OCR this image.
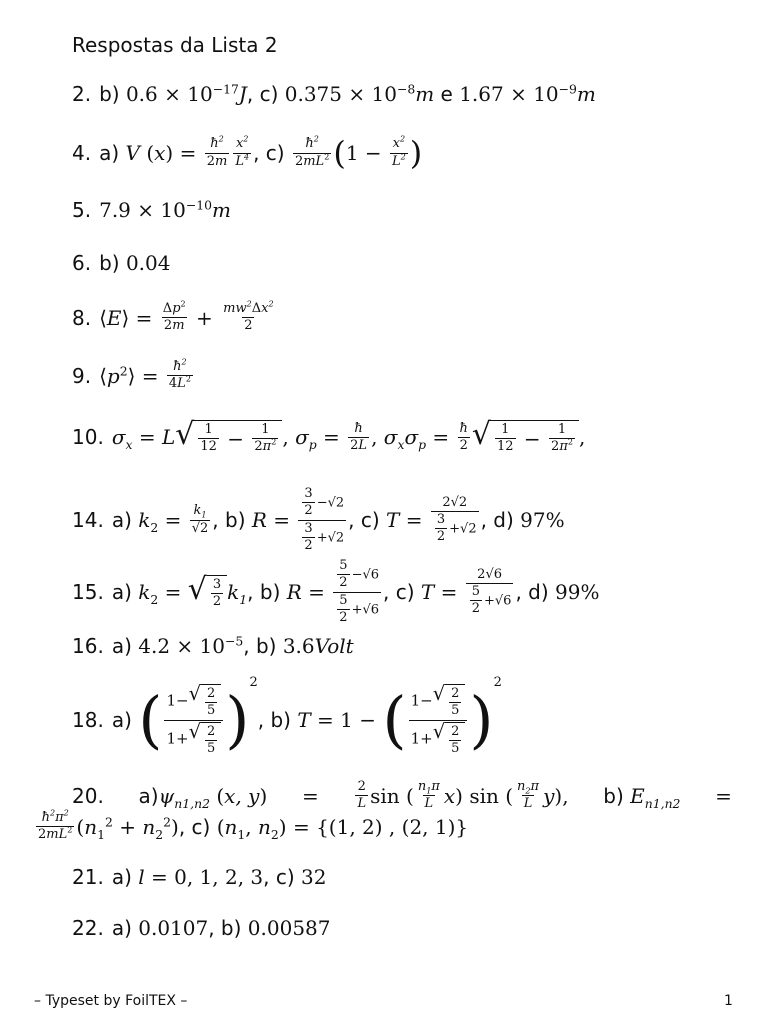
Respostas da Lista 2
2. b) $0.6 \times 10^{-17}$ J , c) $0.375 \times 10^{-8}$ m e $1.67 \times 10^{-9}$ m
4. a) V ( x ) = $\frac{ħ^2}{2m} \frac{x^2}{L^4}$ , $c) \frac{ħ^2}{2mL^2}$ ( $1 - \frac{x^2}{L^2}$ )
5. $7.9 \times 10^{-10}$ m
6. b) 0.04
8. ⟨ E ⟩ = $\frac{\Delta p^2}{2m} + \frac{mw^2\Delta x^2}{2}$
9. ⟨ p $^2$⟩ = $\frac{ħ^2}{4L^2}$
10. $\sigma_x = L$ √ $\frac{1}{12} - \frac{1}{2\pi^2}$ , $\sigma_p = \frac{ħ}{2L}$ , $\sigma_x\sigma_p = \frac{ħ}{2}$ √ $\frac{1}{12} - \frac{1}{2\pi^2}$ ,
14. a) k $_2 = \frac{k_1}{√2}$ , b) $R = \frac{\frac{3}{2} -√2}{\frac{3}{2} +√2}$ , c) $T = \frac{2√2}{\frac{3}{2} +√2}$ , d) 97%
15. a) k $_2$ = √ $\frac{3}{2} k_1$ , b) $R = \frac{\frac{5}{2} -√6}{\frac{5}{2} +√6}$ , c) $T = \frac{2√6}{\frac{5}{2} +√6}$ , d) 99%
16. a) $4.2 \times 10^{-5}$ , b) 3.6 Volt
18. a) ( $\frac{1- √ \frac{2}{5}}{1+ √ \frac{2}{5}}$ )
2
, b) T = 1 − ( $\frac{1- √ \frac{2}{5}}{1+ √ \frac{2}{5}}$ )
2
20. $a)\psi_{n1,n2}$ (x, y) =	$\frac{2}{L}$ sin ( $\frac{n_1\pi}{L}$ x ) sin ( $\frac{n_2\pi}{L}$ y ), b) $E_{n1,n2}$ =
$\frac{ħ^2\pi^2}{2mL^2}$ ( n $_1^2$ + n $_2^2$) , c) ( n $_1$, n $_2$) = {(1, 2) , (2, 1)}
21. a) l = 0, 1, 2, 3 , c) 32
22. a) 0.0107 , b) 0.00587
– Typeset by FoilTEX –	1
